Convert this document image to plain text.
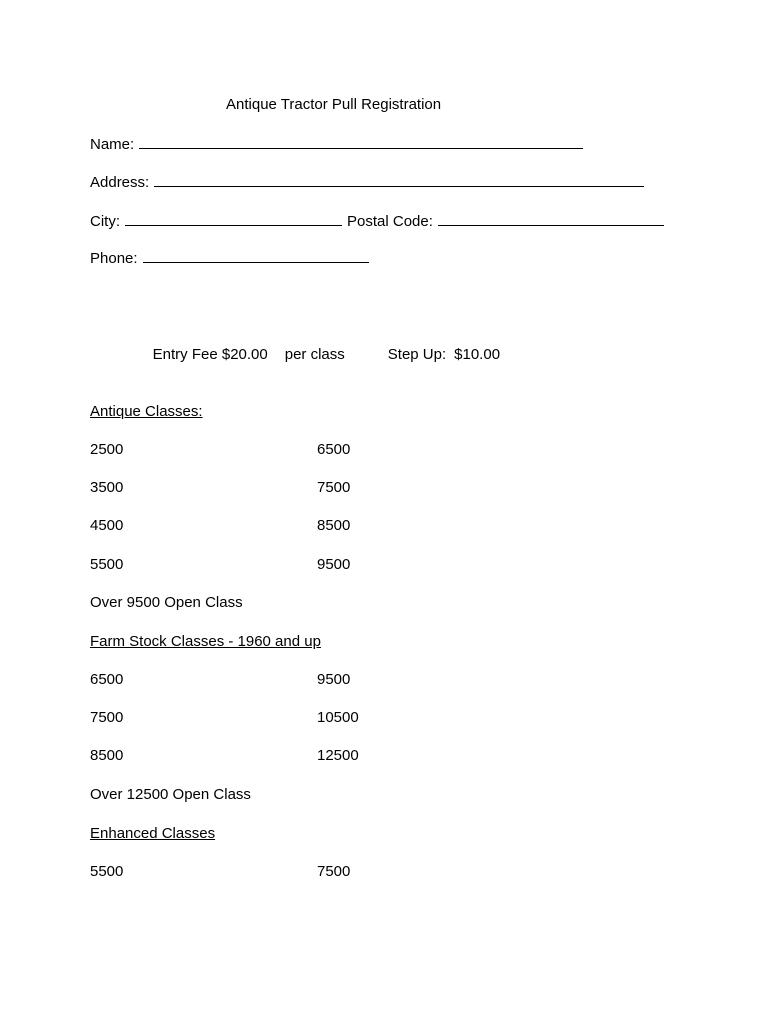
Antique Tractor Pull Registration
Name:
Address:
City:	Postal Code:
Phone:

Entry Fee $20.00 per class	Step Up: $10.00

Antique Classes:
2500	6500
3500	7500
4500	8500
5500	9500
Over 9500 Open Class
Farm Stock Classes - 1960 and up
6500	9500
7500	10500
8500	12500
Over 12500 Open Class
Enhanced Classes
5500	7500
